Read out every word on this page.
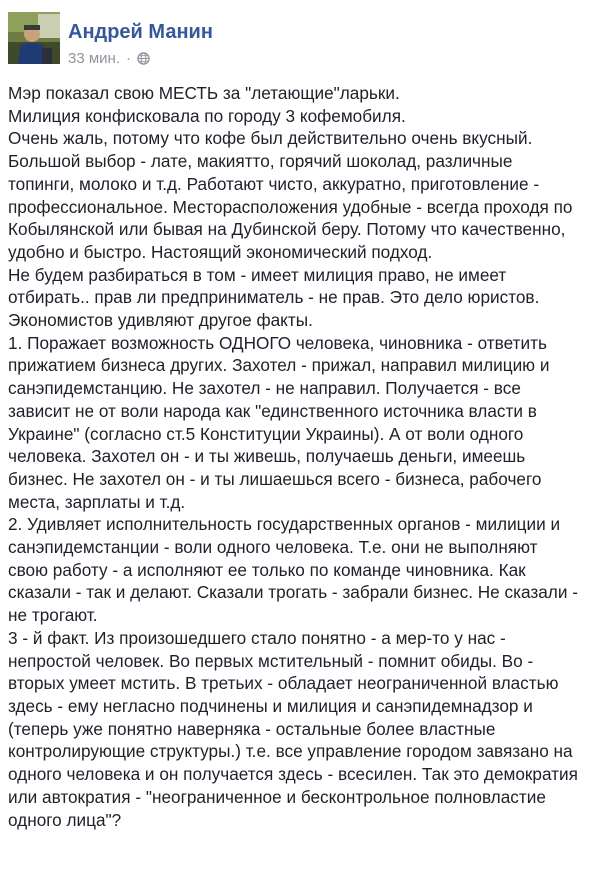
Андрей Манин
33 мин. ·
Мэр показал свою МЕСТЬ за "летающие"ларьки.
Милиция конфисковала по городу 3 кофемобиля.
Очень жаль, потому что кофе был действительно очень вкусный.
Большой выбор - лате, макиятто, горячий шоколад, различные
топинги, молоко и т.д. Работают чисто, аккуратно, приготовление -
профессиональное. Месторасположения удобные - всегда проходя по
Кобылянской или бывая на Дубинской беру. Потому что качественно,
удобно и быстро. Настоящий экономический подход.
Не будем разбираться в том - имеет милиция право, не имеет
отбирать.. прав ли предприниматель - не прав. Это дело юристов.
Экономистов удивляют другое факты.
1. Поражает возможность ОДНОГО человека, чиновника - ответить
прижатием бизнеса других. Захотел - прижал, направил милицию и
санэпидемстанцию. Не захотел - не направил. Получается - все
зависит не от воли народа как "единственного источника власти в
Украине" (согласно ст.5 Конституции Украины). А от воли одного
человека. Захотел он - и ты живешь, получаешь деньги, имеешь
бизнес. Не захотел он - и ты лишаешься всего - бизнеса, рабочего
места, зарплаты и т.д.
2. Удивляет исполнительность государственных органов - милиции и
санэпидемстанции - воли одного человека. Т.е. они не выполняют
свою работу - а исполняют ее только по команде чиновника. Как
сказали - так и делают. Сказали трогать - забрали бизнес. Не сказали -
не трогают.
3 - й факт. Из произошедшего стало понятно - а мер-то у нас -
непростой человек. Во первых мстительный - помнит обиды. Во -
вторых умеет мстить. В третьих - обладает неограниченной властью
здесь - ему негласно подчинены и милиция и санэпидемнадзор и
(теперь уже понятно наверняка - остальные более властные
контролирующие структуры.) т.е. все управление городом завязано на
одного человека и он получается здесь - всесилен. Так это демократия
или автократия - "неограниченное и бесконтрольное полновластие
одного лица"?
